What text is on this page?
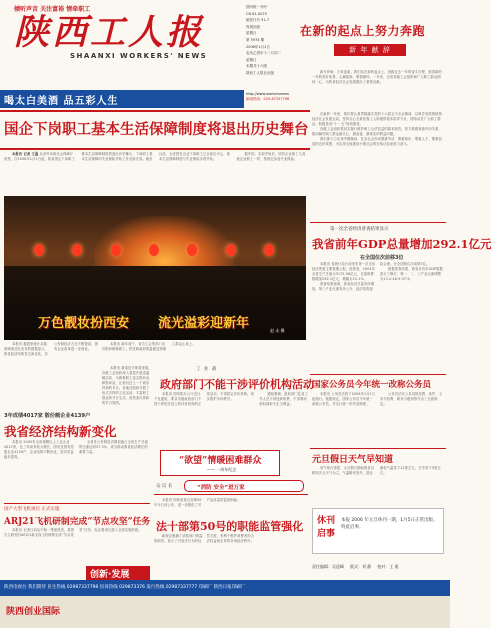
倾听声音 关注富裕 情牵职工
陕西工人报
SHAANXI WORKERS' NEWS
国内统一刊号
CN 61-0070
邮发代号 51-7
每周出版
星期日
第 5974 期
2006年1月1日
农历乙酉年十二月初二
星期日
本期共十六版
陕西工人报社出版
在新的起点上努力奔跑
新 年 献 辞
喝太白美酒 品五彩人生
http://www.workersnews
新闻热线：029-87337798

新年伊始，万象更新。我们站在新的起点上，回顾过去一年的奋斗历程，展望新的一年的美好前景，心潮澎湃，豪情满怀。一年来，全省各级工会组织和广大职工群众团结一心，为我省经济社会发展做出了重要贡献。

国企下岗职工基本生活保障制度将退出历史舞台

在新的一年里，我们要认真贯彻落实党的十六届五中全会精神，以科学发展观统领经济社会发展全局，坚持全心全意依靠工人阶级的根本指导方针，团结动员广大职工群众，积极投身“十一五”规划建设。

各级工会组织要切实履行维护职工合法权益的基本职责，努力构建和谐劳动关系，推动解决职工群众最关心、最直接、最现实的利益问题。

我们要大力弘扬劳模精神，在全社会形成尊重劳动、尊重知识、尊重人才、尊重创造的良好氛围，为实现全面建设小康社会的宏伟目标而努力奋斗。

本报讯 记者 王磊 从省劳动和社会保障厅获悉，自2006年1月1日起，我省国企下岗职工基本生活保障制度将退出历史舞台，下岗职工基本生活保障向失业保险并轨工作全面完成。截至目前，全省国有企业下岗职工已全部出中心，基本生活保障制度与失业保险实现并轨。

据介绍，实现并轨后，国有企业职工与其他企业职工一样，按规定参加失业保险。

万色靓妆扮西安 流光溢彩迎新年	赵 永 摄
第一次全省经济普查结果显示
我省前年GDP总量增加292.1亿元
在全国位次前移3位

本报讯 省统计局日前发布第一次全省经济普查主要数据公报。经普查，2004年全省生产总值为3175.58亿元，比原核算数增加292.1亿元，增幅为10.1%。

普查结果表明，我省经济总量有所增加，第三产业比重有所上升，经济结构更趋合理。在全国的位次前移3位。

根据普查结果，我省对历年GDP数据进行了修订，第一、二、三产业比重调整为13.2:48.9:37.9。

国家公务员今年统一改称公务员

本报讯 公务员法将于2006年1月1日起施行。根据规定，国家公务员今年统一改称公务员，并实行统一的考录制度。

公务员法对公务员的范围、条件、义务与权利、职务与级别等作出了全面规定。

元旦假日天气早知道

省气象台预报，元旦假日期间我省以晴到多云天气为主，气温略有回升，陕北最低气温零下12度左右，关中零下5度左右。

休刊启事
本报 2006 年元旦休刊一期，1月5日正常出版。特此启事。

本报讯 据国家统计局陕西调查总队发布的数据显示，我省经济结构发生新变化，非公有制经济占比不断提高，国有企业改革进一步深化。

3年成绩4017家 散份额企业4139户
我省经济结构新变化

本报讯 2005年全省规模以上工业企业4017家，比三年前有较大增长，国有及国有控股企业4139户，企业结构不断优化，经济效益稳步提高。

全省非公有制经济增加值占全省生产总值的比重达到37.3%，成为推动我省经济增长的重要力量。

国产大型飞机项目 正式实施
ARJ21飞机研制完成“节点攻坚”任务

本报讯 记者日前从中航一集团获悉，我国自主研发的ARJ21新支线飞机研制完成“节点攻坚”任务，标志着项目进入全面实施阶段。

创新·发展

本报讯 新年前夕，省总工会等部门走访慰问困难职工，把党和政府的温暖送到职工群众心坎上。

工 业 战
政府部门不能干涉评价机构活动

本报讯 国务院办公厅近日下发通知，要求各级政府部门不得干涉依法设立的评价机构的正常活动，不得指定评价机构，切实维护市场秩序。

通知强调，政府部门及其工作人员不得违规收费，不得利用职权谋取不正当利益。

“欲望”情暖困难群众
—— 一周年纪念
“消防 安全”进万家
众 议 长

本报讯 新春佳节即将来临，各级工会组织深入基层开展送温暖活动，为困难职工送去慰问金和慰问品，让他们过上一个欢乐祥和的节日。各地还组织开展了形式多样的文化活动，丰富职工群众的节日生活，营造喜庆祥和的节日氛围。

本报讯 国家质检总局第50号令日前公布，进一步强化了对产品质量的监管职能。

法十部第50号的职能监管强化

新规定明确了质检部门的监管职责，加大了对违法行为的处罚力度，有利于维护消费者的合法权益和正常的市场经济秩序。

责任编辑：吴迎峰 版式：刘 静 校对：王 燕
陕西电视台 我们期待 民生热线 02987337798 投诉热线 029873376 发行热线 02987337777 印刷厂 陕西日报印刷厂
陕西创业国际
